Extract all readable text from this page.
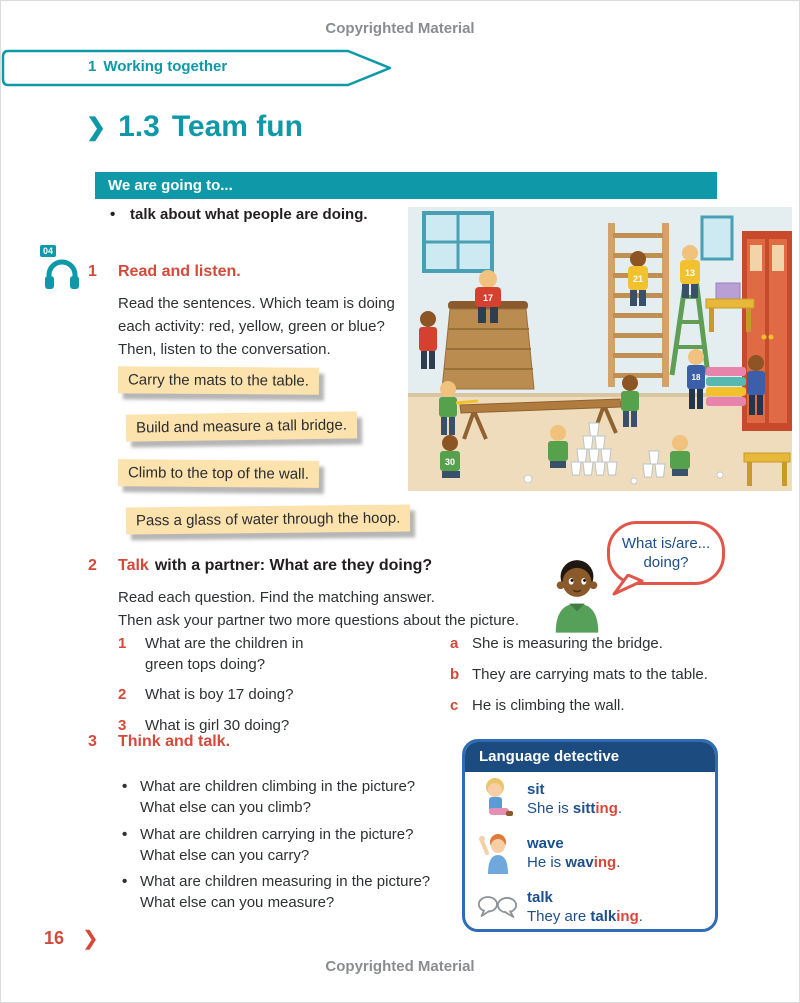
Copyrighted Material
1 Working together
❯ 1.3 Team fun
We are going to...
•
talk about what people are doing.
21
13
17
30
18
04
1	Read and listen.
Read the sentences. Which team is doing
each activity: red, yellow, green or blue?
Then, listen to the conversation.
Carry the mats to the table.
Build and measure a tall bridge.
Climb to the top of the wall.
Pass a glass of water through the hoop.
2	Talk with a partner: What are they doing?
Read each question. Find the matching answer.
Then ask your partner two more questions about the picture.
What is/are... doing?
1	What are the children in green tops doing?
2	What is boy 17 doing?
3	What is girl 30 doing?
a She is measuring the bridge.
b They are carrying mats to the table.
c He is climbing the wall.
3	Think and talk.
•
What are children climbing in the picture?
What else can you climb?
•
What are children carrying in the picture?
What else can you carry?
•
What are children measuring in the picture?
What else can you measure?
Language detective
sit
She is sitting.
wave
He is waving.
talk
They are talking.
16 ❯
Copyrighted Material
